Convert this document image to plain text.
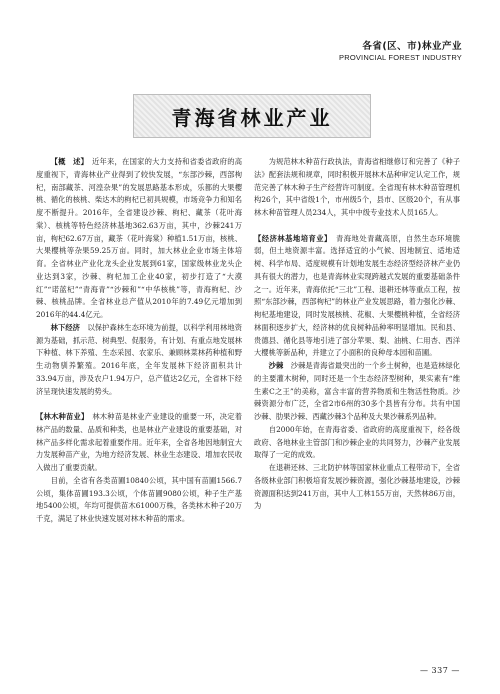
各省(区、市)林业产业
PROVINCIAL FOREST INDUSTRY
青海省林业产业

【概　述】　 近年来，在国家的大力支持和省委省政府的高度重视下，青海林业产业得到了较快发展，“东部沙棘，西部枸杞，南部藏茶、河湟杂果”的发展思路基本形成，乐都的大果樱桃、循化的核桃、柴达木的枸杞已初具规模，市场竞争力和知名度不断提升。2016年，全省建设沙棘、枸杞、藏茶（花叶海棠）、核桃等特色经济林基地362.63万亩，其中，沙棘241万亩，枸杞62.67万亩，藏茶（花叶海棠）种植1.51万亩，核桃、大果樱桃等杂果59.25万亩。同时，加大林业企业市场主体培育。全省林业产业化龙头企业发展到61家，国家级林业龙头企业达到3家，沙棘、枸杞加工企业40家，初步打造了“大漠红”“诺蓝杞”“青海青”“沙棘和”“中华核桃”等，青海枸杞、沙棘、核桃品牌。全省林业总产值从2010年的7.49亿元增加到2016年的44.4亿元。

林下经济　 以保护森林生态环境为前提，以科学利用林地资源为基础，抓示范、树典型、促服务，有计划、有重点地发展林下种植、林下养殖、生态采园、农家乐、兼顾林菜林药种植和野生动物驯养繁殖。2016年底，全年发展林下经济面积共计33.94万亩，涉及农户1.94万户，总产值达2亿元，全省林下经济呈现快速发展的势头。

【林木种苗业】　 林木种苗是林业产业建设的重要一环，决定着林产品的数量、品质和种类，也是林业产业建设的重要基础，对林产品多样化需求起着重要作用。近年来，全省各地因地制宜大力发展种苗产业，为地方经济发展、林业生态建设、增加农民收入做出了重要贡献。

目前，全省有各类苗圃10840公顷，其中国有苗圃1566.7公顷，集体苗圃193.3公顷，个体苗圃9080公顷，种子生产基地5400公顷，年均可提供苗木61000万株，各类林木种子20万千克，满足了林业快速发展对林木种苗的需求。

为规范林木种苗行政执法，青海省相继修订和完善了《种子法》配套法规和规章，同时积极开展林木品种审定认定工作，规范完善了林木种子生产经营许可制度。全省现有林木种苗管理机构26个，其中省级1个，市州级5个，县市、区级20个，有从事林木种苗管理人员234人，其中中级专业技术人员165人。

【经济林基地培育业】　 青海地处青藏高原，自然生态环境脆弱，但土地资源丰富。选择适宜的小气候、因地制宜、适地适树、科学布局、适度规模有计划地发展生态经济型经济林产业仍具有很大的潜力，也是青海林业实现跨越式发展的重要基础条件之一。近年来，青海依托“三北”工程、退耕还林等重点工程，按照“东部沙棘，西部枸杞”的林业产业发展思路，着力强化沙棘、枸杞基地建设，同时发展核桃、花椒、大果樱桃种植，全省经济林面积逐步扩大，经济林的优良树种品种率明显增加。民和县、贵德县、循化县等地引进了部分苹果、梨、油桃、仁用杏、西洋大樱桃等新品种，并建立了小面积的良种母本园和苗圃。

沙棘　 沙棘是青海省最突出的一个乡土树种，也是造林绿化的主要灌木树种，同时还是一个生态经济型树种，果实素有“维生素C之王”的美称，富含丰富的营养物质和生物活性物质。沙棘资源分布广泛，全省2市6州的30多个县皆有分布。共有中国沙棘、肋果沙棘、西藏沙棘3个品种及大果沙棘系列品种。

自2000年始，在青海省委、省政府的高度重视下，经各级政府、各地林业主管部门和沙棘企业的共同努力，沙棘产业发展取得了一定的成效。

在退耕还林、三北防护林等国家林业重点工程带动下，全省各级林业部门积极培育发展沙棘资源，强化沙棘基地建设，沙棘资源面积达到241万亩，其中人工林155万亩，天然林86万亩，为

— 337 —
